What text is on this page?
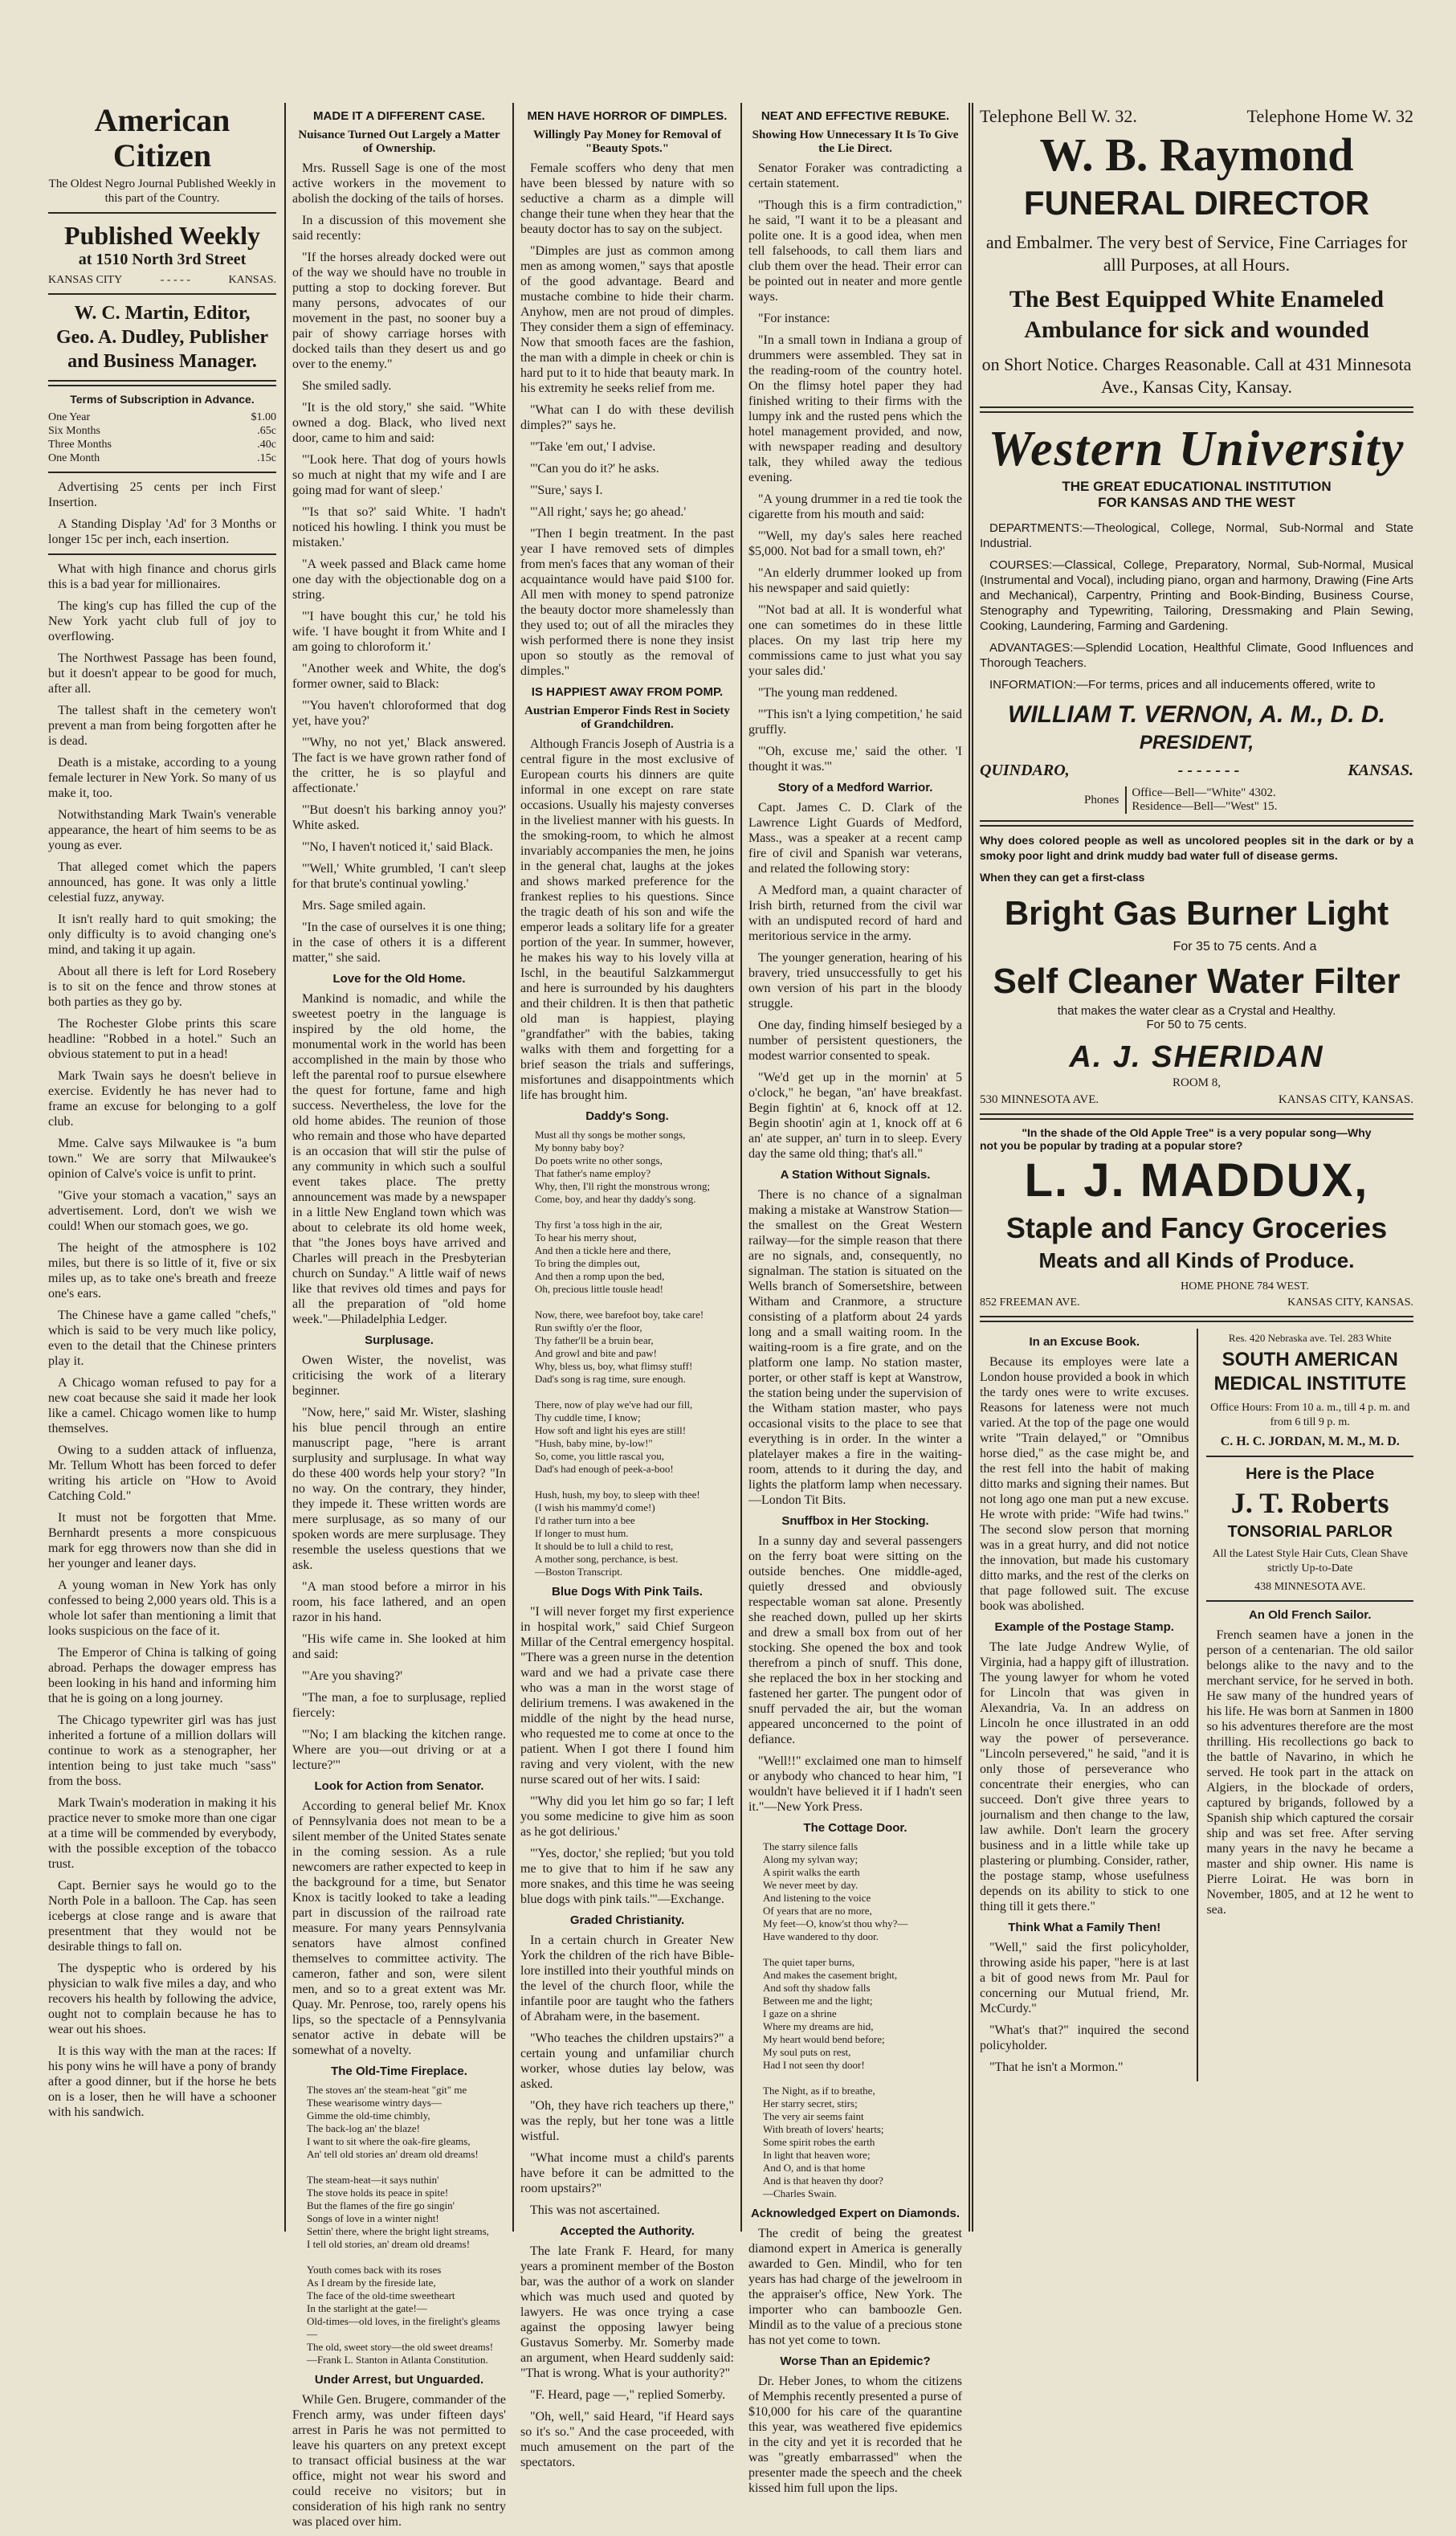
American Citizen
The Oldest Negro Journal Published Weekly in this part of the Country.
Published Weekly
at 1510 North 3rd Street
KANSAS CITY	- - - - -	KANSAS.
W. C. Martin, Editor,
Geo. A. Dudley, Publisher and Business Manager.
Terms of Subscription in Advance.
One Year	$1.00
Six Months	.65c
Three Months	.40c
One Month	.15c

Advertising 25 cents per inch First Insertion.

A Standing Display 'Ad' for 3 Months or longer 15c per inch, each insertion.

What with high finance and chorus girls this is a bad year for millionaires.

The king's cup has filled the cup of the New York yacht club full of joy to overflowing.

The Northwest Passage has been found, but it doesn't appear to be good for much, after all.

The tallest shaft in the cemetery won't prevent a man from being forgotten after he is dead.

Death is a mistake, according to a young female lecturer in New York. So many of us make it, too.

Notwithstanding Mark Twain's venerable appearance, the heart of him seems to be as young as ever.

That alleged comet which the papers announced, has gone. It was only a little celestial fuzz, anyway.

It isn't really hard to quit smoking; the only difficulty is to avoid changing one's mind, and taking it up again.

About all there is left for Lord Rosebery is to sit on the fence and throw stones at both parties as they go by.

The Rochester Globe prints this scare headline: "Robbed in a hotel." Such an obvious statement to put in a head!

Mark Twain says he doesn't believe in exercise. Evidently he has never had to frame an excuse for belonging to a golf club.

Mme. Calve says Milwaukee is "a bum town." We are sorry that Milwaukee's opinion of Calve's voice is unfit to print.

"Give your stomach a vacation," says an advertisement. Lord, don't we wish we could! When our stomach goes, we go.

The height of the atmosphere is 102 miles, but there is so little of it, five or six miles up, as to take one's breath and freeze one's ears.

The Chinese have a game called "chefs," which is said to be very much like policy, even to the detail that the Chinese printers play it.

A Chicago woman refused to pay for a new coat because she said it made her look like a camel. Chicago women like to hump themselves.

Owing to a sudden attack of influenza, Mr. Tellum Whott has been forced to defer writing his article on "How to Avoid Catching Cold."

It must not be forgotten that Mme. Bernhardt presents a more conspicuous mark for egg throwers now than she did in her younger and leaner days.

A young woman in New York has only confessed to being 2,000 years old. This is a whole lot safer than mentioning a limit that looks suspicious on the face of it.

The Emperor of China is talking of going abroad. Perhaps the dowager empress has been looking in his hand and informing him that he is going on a long journey.

The Chicago typewriter girl was has just inherited a fortune of a million dollars will continue to work as a stenographer, her intention being to just take much "sass" from the boss.

Mark Twain's moderation in making it his practice never to smoke more than one cigar at a time will be commended by everybody, with the possible exception of the tobacco trust.

Capt. Bernier says he would go to the North Pole in a balloon. The Cap. has seen icebergs at close range and is aware that presentment that they would not be desirable things to fall on.

The dyspeptic who is ordered by his physician to walk five miles a day, and who recovers his health by following the advice, ought not to complain because he has to wear out his shoes.

It is this way with the man at the races: If his pony wins he will have a pony of brandy after a good dinner, but if the horse he bets on is a loser, then he will have a schooner with his sandwich.

MADE IT A DIFFERENT CASE.
Nuisance Turned Out Largely a Matter of Ownership.

Mrs. Russell Sage is one of the most active workers in the movement to abolish the docking of the tails of horses.

In a discussion of this movement she said recently:

"If the horses already docked were out of the way we should have no trouble in putting a stop to docking forever. But many persons, advocates of our movement in the past, no sooner buy a pair of showy carriage horses with docked tails than they desert us and go over to the enemy."

She smiled sadly.

"It is the old story," she said. "White owned a dog. Black, who lived next door, came to him and said:

"'Look here. That dog of yours howls so much at night that my wife and I are going mad for want of sleep.'

"'Is that so?' said White. 'I hadn't noticed his howling. I think you must be mistaken.'

"A week passed and Black came home one day with the objectionable dog on a string.

"'I have bought this cur,' he told his wife. 'I have bought it from White and I am going to chloroform it.'

"Another week and White, the dog's former owner, said to Black:

"'You haven't chloroformed that dog yet, have you?'

"'Why, no not yet,' Black answered. The fact is we have grown rather fond of the critter, he is so playful and affectionate.'

"'But doesn't his barking annoy you?' White asked.

"'No, I haven't noticed it,' said Black.

"'Well,' White grumbled, 'I can't sleep for that brute's continual yowling.'

Mrs. Sage smiled again.

"In the case of ourselves it is one thing; in the case of others it is a different matter," she said.

Love for the Old Home.

Mankind is nomadic, and while the sweetest poetry in the language is inspired by the old home, the monumental work in the world has been accomplished in the main by those who left the parental roof to pursue elsewhere the quest for fortune, fame and high success. Nevertheless, the love for the old home abides. The reunion of those who remain and those who have departed is an occasion that will stir the pulse of any community in which such a soulful event takes place. The pretty announcement was made by a newspaper in a little New England town which was about to celebrate its old home week, that "the Jones boys have arrived and Charles will preach in the Presbyterian church on Sunday." A little waif of news like that revives old times and pays for all the preparation of "old home week."—Philadelphia Ledger.

Surplusage.

Owen Wister, the novelist, was criticising the work of a literary beginner.

"Now, here," said Mr. Wister, slashing his blue pencil through an entire manuscript page, "here is arrant surplusity and surplusage. In what way do these 400 words help your story? "In no way. On the contrary, they hinder, they impede it. These written words are mere surplusage, as so many of our spoken words are mere surplusage. They resemble the useless questions that we ask.

"A man stood before a mirror in his room, his face lathered, and an open razor in his hand.

"His wife came in. She looked at him and said:

"'Are you shaving?'

"The man, a foe to surplusage, replied fiercely:

"'No; I am blacking the kitchen range. Where are you—out driving or at a lecture?'"

Look for Action from Senator.

According to general belief Mr. Knox of Pennsylvania does not mean to be a silent member of the United States senate in the coming session. As a rule newcomers are rather expected to keep in the background for a time, but Senator Knox is tacitly looked to take a leading part in discussion of the railroad rate measure. For many years Pennsylvania senators have almost confined themselves to committee activity. The cameron, father and son, were silent men, and so to a great extent was Mr. Quay. Mr. Penrose, too, rarely opens his lips, so the spectacle of a Pennsylvania senator active in debate will be somewhat of a novelty.

The Old-Time Fireplace.
The stoves an' the steam-heat "git" me
These wearisome wintry days—
Gimme the old-time chimbly,
The back-log an' the blaze!
I want to sit where the oak-fire gleams,
An' tell old stories an' dream old dreams!

The steam-heat—it says nuthin'
The stove holds its peace in spite!
But the flames of the fire go singin'
Songs of love in a winter night!
Settin' there, where the bright light streams,
I tell old stories, an' dream old dreams!

Youth comes back with its roses
As I dream by the fireside late,
The face of the old-time sweetheart
In the starlight at the gate!—
Old-times—old loves, in the firelight's gleams—
The old, sweet story—the old sweet dreams!
—Frank L. Stanton in Atlanta Constitution.
Under Arrest, but Unguarded.

While Gen. Brugere, commander of the French army, was under fifteen days' arrest in Paris he was not permitted to leave his quarters on any pretext except to transact official business at the war office, might not wear his sword and could receive no visitors; but in consideration of his high rank no sentry was placed over him.

MEN HAVE HORROR OF DIMPLES.
Willingly Pay Money for Removal of "Beauty Spots."

Female scoffers who deny that men have been blessed by nature with so seductive a charm as a dimple will change their tune when they hear that the beauty doctor has to say on the subject.

"Dimples are just as common among men as among women," says that apostle of the good advantage. Beard and mustache combine to hide their charm. Anyhow, men are not proud of dimples. They consider them a sign of effeminacy. Now that smooth faces are the fashion, the man with a dimple in cheek or chin is hard put to it to hide that beauty mark. In his extremity he seeks relief from me.

"What can I do with these devilish dimples?" says he.

"'Take 'em out,' I advise.

"'Can you do it?' he asks.

"'Sure,' says I.

"'All right,' says he; go ahead.'

"Then I begin treatment. In the past year I have removed sets of dimples from men's faces that any woman of their acquaintance would have paid $100 for. All men with money to spend patronize the beauty doctor more shamelessly than they used to; out of all the miracles they wish performed there is none they insist upon so stoutly as the removal of dimples."

IS HAPPIEST AWAY FROM POMP.
Austrian Emperor Finds Rest in Society of Grandchildren.

Although Francis Joseph of Austria is a central figure in the most exclusive of European courts his dinners are quite informal in one except on rare state occasions. Usually his majesty converses in the liveliest manner with his guests. In the smoking-room, to which he almost invariably accompanies the men, he joins in the general chat, laughs at the jokes and shows marked preference for the frankest replies to his questions. Since the tragic death of his son and wife the emperor leads a solitary life for a greater portion of the year. In summer, however, he makes his way to his lovely villa at Ischl, in the beautiful Salzkammergut and here is surrounded by his daughters and their children. It is then that pathetic old man is happiest, playing "grandfather" with the babies, taking walks with them and forgetting for a brief season the trials and sufferings, misfortunes and disappointments which life has brought him.

Daddy's Song.
Must all thy songs be mother songs,
My bonny baby boy?
Do poets write no other songs,
That father's name employ?
Why, then, I'll right the monstrous wrong;
Come, boy, and hear thy daddy's song.

Thy first 'a toss high in the air,
To hear his merry shout,
And then a tickle here and there,
To bring the dimples out,
And then a romp upon the bed,
Oh, precious little tousle head!

Now, there, wee barefoot boy, take care!
Run swiftly o'er the floor,
Thy father'll be a bruin bear,
And growl and bite and paw!
Why, bless us, boy, what flimsy stuff!
Dad's song is rag time, sure enough.

There, now of play we've had our fill,
Thy cuddle time, I know;
How soft and light his eyes are still!
"Hush, baby mine, by-low!"
So, come, you little rascal you,
Dad's had enough of peek-a-boo!

Hush, hush, my boy, to sleep with thee!
(I wish his mammy'd come!)
I'd rather turn into a bee
If longer to must hum.
It should be to lull a child to rest,
A mother song, perchance, is best.
—Boston Transcript.
Blue Dogs With Pink Tails.

"I will never forget my first experience in hospital work," said Chief Surgeon Millar of the Central emergency hospital. "There was a green nurse in the detention ward and we had a private case there who was a man in the worst stage of delirium tremens. I was awakened in the middle of the night by the head nurse, who requested me to come at once to the patient. When I got there I found him raving and very violent, with the new nurse scared out of her wits. I said:

"'Why did you let him go so far; I left you some medicine to give him as soon as he got delirious.'

"'Yes, doctor,' she replied; 'but you told me to give that to him if he saw any more snakes, and this time he was seeing blue dogs with pink tails.'"—Exchange.

Graded Christianity.

In a certain church in Greater New York the children of the rich have Bible-lore instilled into their youthful minds on the level of the church floor, while the infantile poor are taught who the fathers of Abraham were, in the basement.

"Who teaches the children upstairs?" a certain young and unfamiliar church worker, whose duties lay below, was asked.

"Oh, they have rich teachers up there," was the reply, but her tone was a little wistful.

"What income must a child's parents have before it can be admitted to the room upstairs?"

This was not ascertained.

Accepted the Authority.

The late Frank F. Heard, for many years a prominent member of the Boston bar, was the author of a work on slander which was much used and quoted by lawyers. He was once trying a case against the opposing lawyer being Gustavus Somerby. Mr. Somerby made an argument, when Heard suddenly said: "That is wrong. What is your authority?"

"F. Heard, page —," replied Somerby.

"Oh, well," said Heard, "if Heard says so it's so." And the case proceeded, with much amusement on the part of the spectators.

NEAT AND EFFECTIVE REBUKE.
Showing How Unnecessary It Is To Give the Lie Direct.

Senator Foraker was contradicting a certain statement.

"Though this is a firm contradiction," he said, "I want it to be a pleasant and polite one. It is a good idea, when men tell falsehoods, to call them liars and club them over the head. Their error can be pointed out in neater and more gentle ways.

"For instance:

"In a small town in Indiana a group of drummers were assembled. They sat in the reading-room of the country hotel. On the flimsy hotel paper they had finished writing to their firms with the lumpy ink and the rusted pens which the hotel management provided, and now, with newspaper reading and desultory talk, they whiled away the tedious evening.

"A young drummer in a red tie took the cigarette from his mouth and said:

"'Well, my day's sales here reached $5,000. Not bad for a small town, eh?'

"An elderly drummer looked up from his newspaper and said quietly:

"'Not bad at all. It is wonderful what one can sometimes do in these little places. On my last trip here my commissions came to just what you say your sales did.'

"The young man reddened.

"'This isn't a lying competition,' he said gruffly.

"'Oh, excuse me,' said the other. 'I thought it was.'"

Story of a Medford Warrior.

Capt. James C. D. Clark of the Lawrence Light Guards of Medford, Mass., was a speaker at a recent camp fire of civil and Spanish war veterans, and related the following story:

A Medford man, a quaint character of Irish birth, returned from the civil war with an undisputed record of hard and meritorious service in the army.

The younger generation, hearing of his bravery, tried unsuccessfully to get his own version of his part in the bloody struggle.

One day, finding himself besieged by a number of persistent questioners, the modest warrior consented to speak.

"We'd get up in the mornin' at 5 o'clock," he began, "an' have breakfast. Begin fightin' at 6, knock off at 12. Begin shootin' agin at 1, knock off at 6 an' ate supper, an' turn in to sleep. Every day the same old thing; that's all."

A Station Without Signals.

There is no chance of a signalman making a mistake at Wanstrow Station—the smallest on the Great Western railway—for the simple reason that there are no signals, and, consequently, no signalman. The station is situated on the Wells branch of Somersetshire, between Witham and Cranmore, a structure consisting of a platform about 24 yards long and a small waiting room. In the waiting-room is a fire grate, and on the platform one lamp. No station master, porter, or other staff is kept at Wanstrow, the station being under the supervision of the Witham station master, who pays occasional visits to the place to see that everything is in order. In the winter a platelayer makes a fire in the waiting-room, attends to it during the day, and lights the platform lamp when necessary.—London Tit Bits.

Snuffbox in Her Stocking.

In a sunny day and several passengers on the ferry boat were sitting on the outside benches. One middle-aged, quietly dressed and obviously respectable woman sat alone. Presently she reached down, pulled up her skirts and drew a small box from out of her stocking. She opened the box and took therefrom a pinch of snuff. This done, she replaced the box in her stocking and fastened her garter. The pungent odor of snuff pervaded the air, but the woman appeared unconcerned to the point of defiance.

"Well!!" exclaimed one man to himself or anybody who chanced to hear him, "I wouldn't have believed it if I hadn't seen it."—New York Press.

The Cottage Door.
The starry silence falls
Along my sylvan way;
A spirit walks the earth
We never meet by day.
And listening to the voice
Of years that are no more,
My feet—O, know'st thou why?—
Have wandered to thy door.

The quiet taper burns,
And makes the casement bright,
And soft thy shadow falls
Between me and the light;
I gaze on a shrine
Where my dreams are hid,
My heart would bend before;
My soul puts on rest,
Had I not seen thy door!

The Night, as if to breathe,
Her starry secret, stirs;
The very air seems faint
With breath of lovers' hearts;
Some spirit robes the earth
In light that heaven wore;
And O, and is that home
And is that heaven thy door?
—Charles Swain.
Acknowledged Expert on Diamonds.

The credit of being the greatest diamond expert in America is generally awarded to Gen. Mindil, who for ten years has had charge of the jewelroom in the appraiser's office, New York. The importer who can bamboozle Gen. Mindil as to the value of a precious stone has not yet come to town.

Worse Than an Epidemic?

Dr. Heber Jones, to whom the citizens of Memphis recently presented a purse of $10,000 for his care of the quarantine this year, was weathered five epidemics in the city and yet it is recorded that he was "greatly embarrassed" when the presenter made the speech and the cheek kissed him full upon the lips.

Telephone Bell W. 32.	Telephone Home W. 32
W. B. Raymond
FUNERAL DIRECTOR
and Embalmer. The very best of Service, Fine Carriages for alll Purposes, at all Hours.
The Best Equipped White Enameled Ambulance for sick and wounded
on Short Notice. Charges Reasonable. Call at 431 Minnesota Ave., Kansas City, Kansay.
Western University
THE GREAT EDUCATIONAL INSTITUTION
FOR KANSAS AND THE WEST

DEPARTMENTS:—Theological, College, Normal, Sub-Normal and State Industrial.

COURSES:—Classical, College, Preparatory, Normal, Sub-Normal, Musical (Instrumental and Vocal), including piano, organ and harmony, Drawing (Fine Arts and Mechanical), Carpentry, Printing and Book-Binding, Business Course, Stenography and Typewriting, Tailoring, Dressmaking and Plain Sewing, Cooking, Laundering, Farming and Gardening.

ADVANTAGES:—Splendid Location, Healthful Climate, Good Influences and Thorough Teachers.

INFORMATION:—For terms, prices and all inducements offered, write to

WILLIAM T. VERNON, A. M., D. D.
PRESIDENT,
QUINDARO,	- - - - - - -	KANSAS.
Phones
Office—Bell—"White" 4302.
Residence—Bell—"West" 15.

Why does colored people as well as uncolored peoples sit in the dark or by a smoky poor light and drink muddy bad water full of disease germs.

When they can get a first-class

Bright Gas Burner Light
For 35 to 75 cents. And a
Self Cleaner Water Filter
that makes the water clear as a Crystal and Healthy.
For 50 to 75 cents.
A. J. SHERIDAN
ROOM 8,
530 MINNESOTA AVE.	KANSAS CITY, KANSAS.
"In the shade of the Old Apple Tree" is a very popular song—Why
not you be popular by trading at a popular store?
L. J. MADDUX,
Staple and Fancy Groceries
Meats and all Kinds of Produce.
HOME PHONE 784 WEST.
852 FREEMAN AVE.	KANSAS CITY, KANSAS.
In an Excuse Book.

Because its employes were late a London house provided a book in which the tardy ones were to write excuses. Reasons for lateness were not much varied. At the top of the page one would write "Train delayed," or "Omnibus horse died," as the case might be, and the rest fell into the habit of making ditto marks and signing their names. But not long ago one man put a new excuse. He wrote with pride: "Wife had twins." The second slow person that morning was in a great hurry, and did not notice the innovation, but made his customary ditto marks, and the rest of the clerks on that page followed suit. The excuse book was abolished.

Example of the Postage Stamp.

The late Judge Andrew Wylie, of Virginia, had a happy gift of illustration. The young lawyer for whom he voted for Lincoln that was given in Alexandria, Va. In an address on Lincoln he once illustrated in an odd way the power of perseverance. "Lincoln persevered," he said, "and it is only those of perseverance who concentrate their energies, who can succeed. Don't give three years to journalism and then change to the law, law awhile. Don't learn the grocery business and in a little while take up plastering or plumbing. Consider, rather, the postage stamp, whose usefulness depends on its ability to stick to one thing till it gets there."

Think What a Family Then!

"Well," said the first policyholder, throwing aside his paper, "here is at last a bit of good news from Mr. Paul for concerning our Mutual friend, Mr. McCurdy."

"What's that?" inquired the second policyholder.

"That he isn't a Mormon."

Res. 420 Nebraska ave. Tel. 283 White
SOUTH AMERICAN
MEDICAL INSTITUTE
Office Hours: From 10 a. m., till 4 p. m. and from 6 till 9 p. m.
C. H. C. JORDAN, M. M., M. D.
Here is the Place
J. T. Roberts
TONSORIAL PARLOR
All the Latest Style Hair Cuts, Clean Shave strictly Up-to-Date
438 MINNESOTA AVE.
An Old French Sailor.

French seamen have a jonen in the person of a centenarian. The old sailor belongs alike to the navy and to the merchant service, for he served in both. He saw many of the hundred years of his life. He was born at Sanmen in 1800 so his adventures therefore are the most thrilling. His recollections go back to the battle of Navarino, in which he served. He took part in the attack on Algiers, in the blockade of orders, captured by brigands, followed by a Spanish ship which captured the corsair ship and was set free. After serving many years in the navy he became a master and ship owner. His name is Pierre Loirat. He was born in November, 1805, and at 12 he went to sea.
